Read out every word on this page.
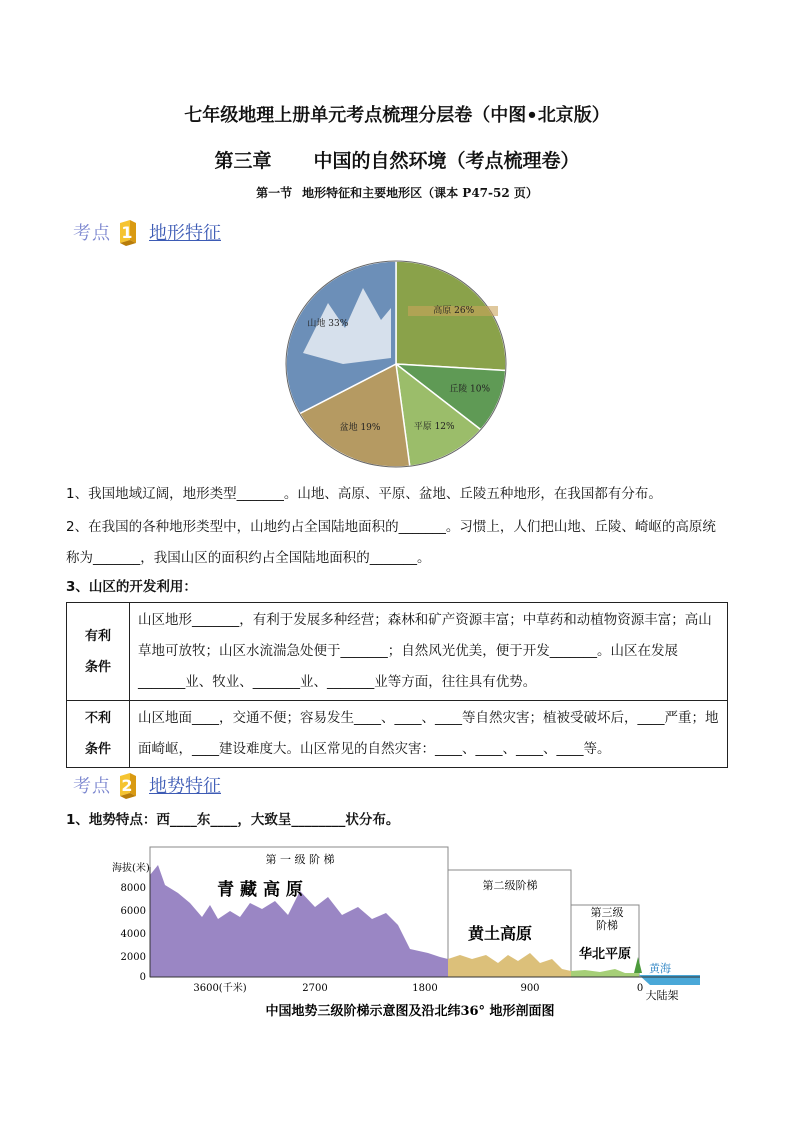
七年级地理上册单元考点梳理分层卷（中图•北京版）
第三章 中国的自然环境（考点梳理卷）
第一节 地形特征和主要地形区（课本 P47-52 页）
考点 1 地形特征
山地 33%
高原 26%
丘陵 10%
平原 12%
盆地 19%
1、我国地域辽阔，地形类型_______。山地、高原、平原、盆地、丘陵五种地形，在我国都有分布。
2、在我国的各种地形类型中，山地约占全国陆地面积的_______。习惯上，人们把山地、丘陵、崎岖的高原统称为_______，我国山区的面积约占全国陆地面积的_______。
3、山区的开发利用：
有利
条件	山区地形_______，有利于发展多种经营；森林和矿产资源丰富；中草药和动植物资源丰富；高山草地可放牧；山区水流湍急处便于_______；自然风光优美，便于开发_______。山区在发展_______业、牧业、_______业、_______业等方面，往往具有优势。
不利
条件	山区地面____，交通不便；容易发生____、____、____等自然灾害；植被受破坏后，____严重；地面崎岖，____建设难度大。山区常见的自然灾害：____、____、____、____等。
考点 2 地势特征
1、地势特点：西____东____，大致呈________状分布。
第 一 级 阶 梯
第二级阶梯
第三级
阶梯
青 藏 高 原
黄土高原
华北平原
黄海
大陆架
海拔(米)
8000
6000
4000
2000
0
3600(千米)	2700	1800	900	0
中国地势三级阶梯示意图及沿北纬36° 地形剖面图
